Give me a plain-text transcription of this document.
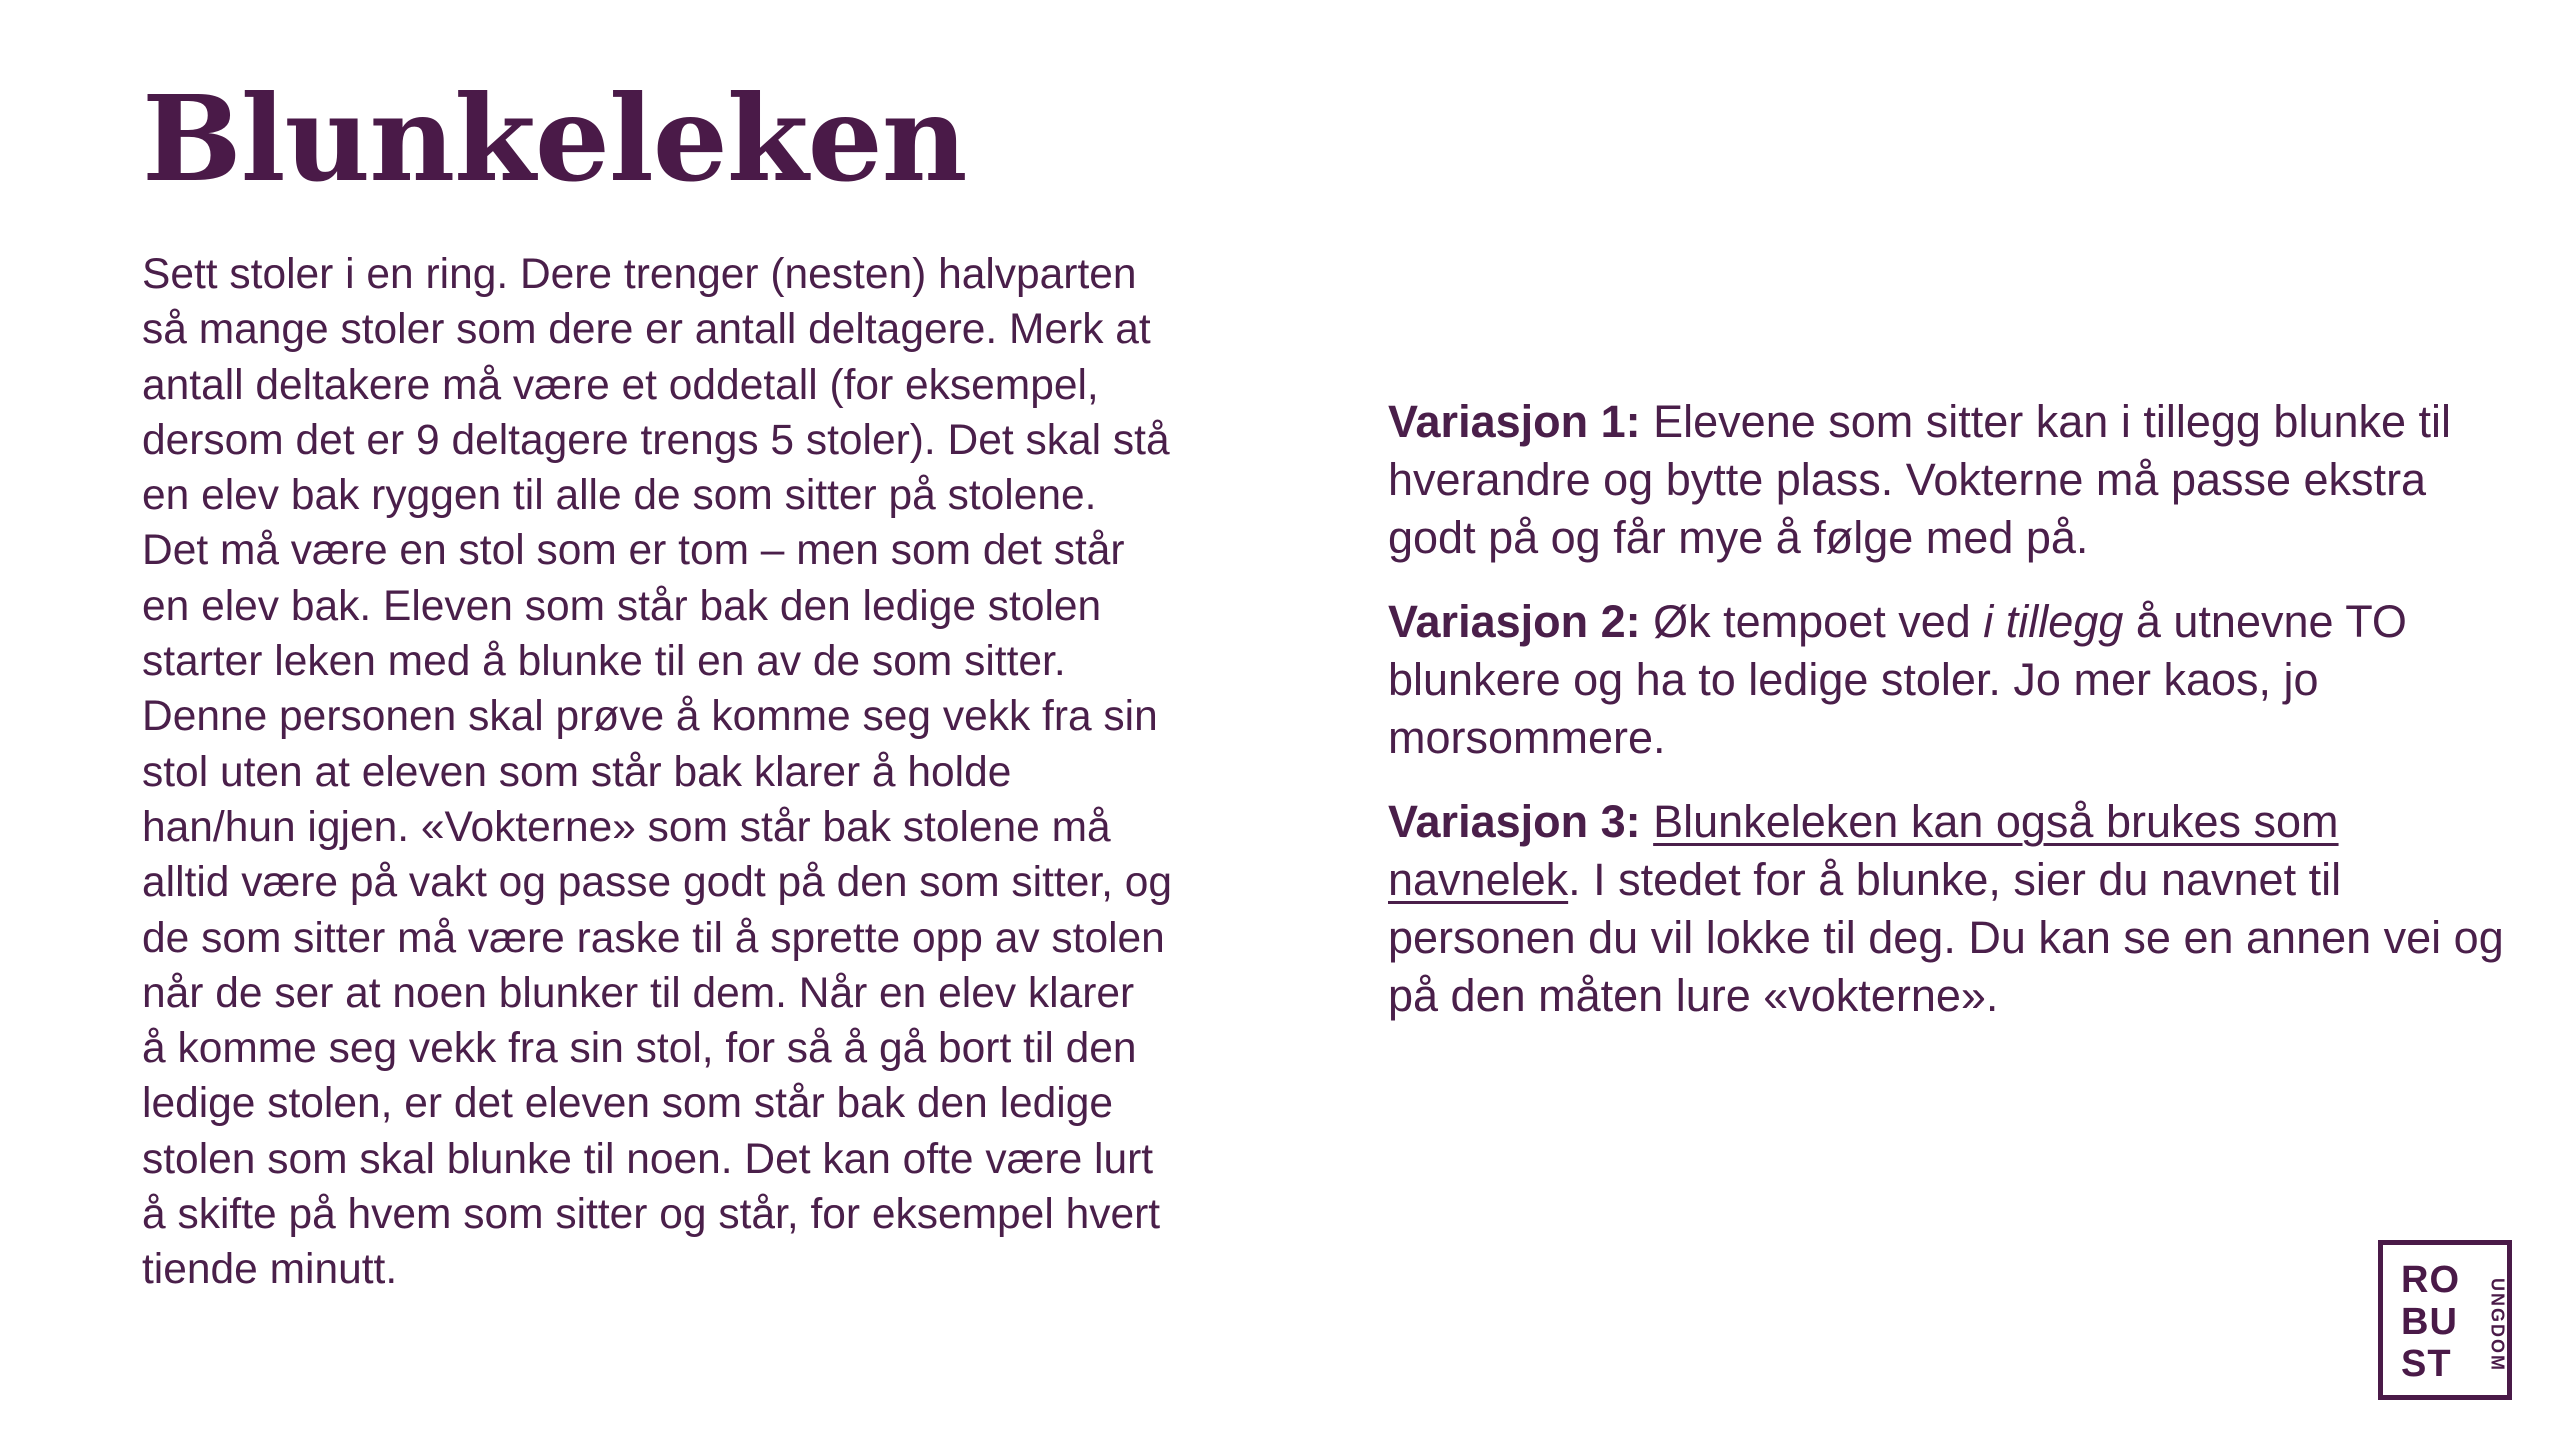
Blunkeleken
Sett stoler i en ring. Dere trenger (nesten) halvparten
så mange stoler som dere er antall deltagere. Merk at
antall deltakere må være et oddetall (for eksempel,
dersom det er 9 deltagere trengs 5 stoler). Det skal stå
en elev bak ryggen til alle de som sitter på stolene.
Det må være en stol som er tom – men som det står
en elev bak. Eleven som står bak den ledige stolen
starter leken med å blunke til en av de som sitter.
Denne personen skal prøve å komme seg vekk fra sin
stol uten at eleven som står bak klarer å holde
han/hun igjen. «Vokterne» som står bak stolene må
alltid være på vakt og passe godt på den som sitter, og
de som sitter må være raske til å sprette opp av stolen
når de ser at noen blunker til dem. Når en elev klarer
å komme seg vekk fra sin stol, for så å gå bort til den
ledige stolen, er det eleven som står bak den ledige
stolen som skal blunke til noen. Det kan ofte være lurt
å skifte på hvem som sitter og står, for eksempel hvert
tiende minutt.

Variasjon 1: Elevene som sitter kan i tillegg blunke til hverandre og bytte plass. Vokterne må passe ekstra godt på og får mye å følge med på.

Variasjon 2: Øk tempoet ved i tillegg å utnevne TO blunkere og ha to ledige stoler. Jo mer kaos, jo morsommere.

Variasjon 3: Blunkeleken kan også brukes som navnelek. I stedet for å blunke, sier du navnet til personen du vil lokke til deg. Du kan se en annen vei og på den måten lure «vokterne».

RO
BU
ST	UNGDOM
